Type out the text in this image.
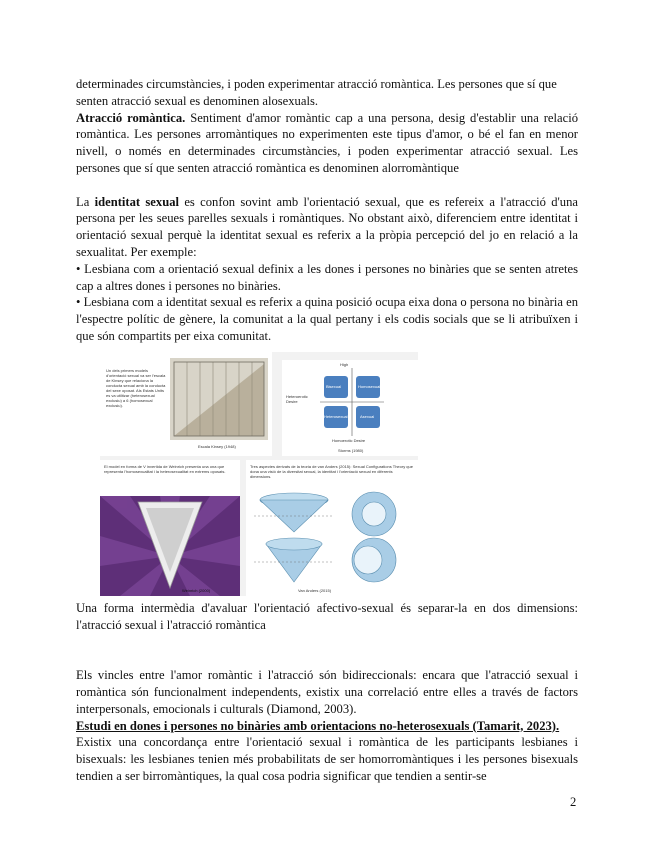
determinades circumstàncies, i poden experimentar atracció romàntica. Les persones que sí que

senten atracció sexual es denominen alosexuals.

Atracció romàntica. Sentiment d'amor romàntic cap a una persona, desig d'establir una relació romàntica. Les persones arromàntiques no experimenten este tipus d'amor, o bé el fan en menor nivell, o només en determinades circumstàncies, i poden experimentar atracció sexual. Les persones que sí que senten atracció romàntica es denominen alorromàntique

La identitat sexual es confon sovint amb l'orientació sexual, que es refereix a l'atracció d'una persona per les seues parelles sexuals i romàntiques. No obstant això, diferenciem entre identitat i orientació sexual perquè la identitat sexual es referix a la pròpia percepció del jo en relació a la sexualitat. Per exemple:

• Lesbiana com a orientació sexual definix a les dones i persones no binàries que se senten atretes cap a altres dones i persones no binàries.

• Lesbiana com a identitat sexual es referix a quina posició ocupa eixa dona o persona no binària en l'espectre polític de gènere, la comunitat a la qual pertany i els codis socials que se li atribuïxen i que són compartits per eixa comunitat.

Un dels primers models d'orientació sexual va ser l'escala de Kinsey que relaciona la conducta sexual amb la conducta del sexe oposat. Als Estats Units es va utilitzar (heterosexual exclusiu) a 6 (homosexual exclusiu).
Escala Kinsey (1948)
High
Heteroerotic Desire
Bisexual	Homosexual
Heterosexual	Asexual
Homoerotic Desire
Storms (1980)
El model en forma de V invertida de Weinrich presenta una ona que representa l'homosexualitat i la heterosexualitat en extrems oposats.
Weinrich (2000)
Tres aspectes derivats de la teoria de van Anders (2015): Sexual Configurations Theory que dona una visió de la diversitat sexual, la identitat i l'orientació sexual en diferents dimensions.
Van Anders (2015)

Una forma intermèdia d'avaluar l'orientació afectivo-sexual és separar-la en dos dimensions: l'atracció sexual i l'atracció romàntica

Els vincles entre l'amor romàntic i l'atracció són bidireccionals: encara que l'atracció sexual i romàntica són funcionalment independents, existix una correlació entre elles a través de factors interpersonals, emocionals i culturals (Diamond, 2003).

Estudi en dones i persones no binàries amb orientacions no-heterosexuals (Tamarit, 2023).

Existix una concordança entre l'orientació sexual i romàntica de les participants lesbianes i bisexuals: les lesbianes tenien més probabilitats de ser homorromàntiques i les persones bisexuals tendien a ser birromàntiques, la qual cosa podria significar que tendien a sentir-se

2
